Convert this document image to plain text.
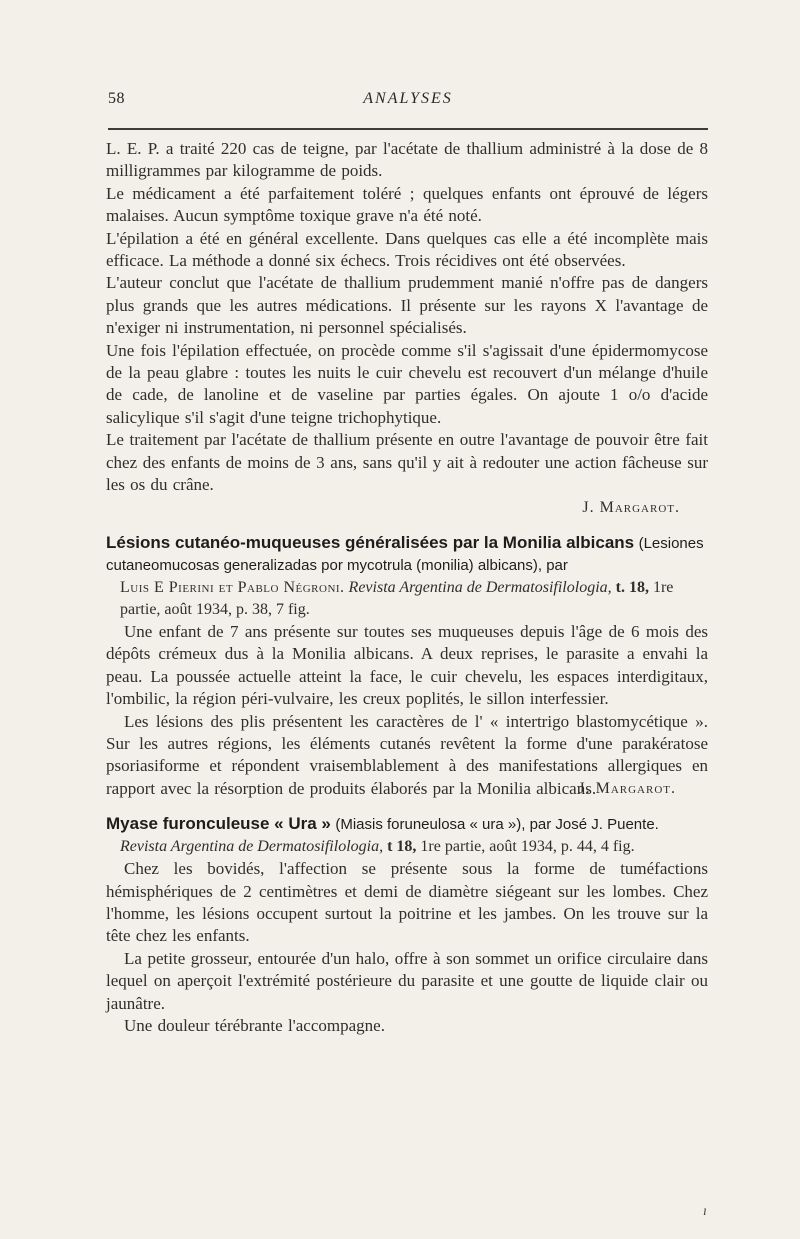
58	ANALYSES

L. E. P. a traité 220 cas de teigne, par l'acétate de thallium administré à la dose de 8 milligrammes par kilogramme de poids.

Le médicament a été parfaitement toléré ; quelques enfants ont éprouvé de légers malaises. Aucun symptôme toxique grave n'a été noté.

L'épilation a été en général excellente. Dans quelques cas elle a été incomplète mais efficace. La méthode a donné six échecs. Trois récidives ont été observées.

L'auteur conclut que l'acétate de thallium prudemment manié n'offre pas de dangers plus grands que les autres médications. Il présente sur les rayons X l'avantage de n'exiger ni instrumentation, ni personnel spécialisés.

Une fois l'épilation effectuée, on procède comme s'il s'agissait d'une épidermomycose de la peau glabre : toutes les nuits le cuir chevelu est recouvert d'un mélange d'huile de cade, de lanoline et de vaseline par parties égales. On ajoute 1 o/o d'acide salicylique s'il s'agit d'une teigne trichophytique.

Le traitement par l'acétate de thallium présente en outre l'avantage de pouvoir être fait chez des enfants de moins de 3 ans, sans qu'il y ait à redouter une action fâcheuse sur les os du crâne.

J. Margarot.

Lésions cutanéo-muqueuses généralisées par la Monilia albicans (Lesiones cutaneomucosas generalizadas por mycotrula (monilia) albicans), par

Luis E Pierini et Pablo Négroni. Revista Argentina de Dermatosifilologia, t. 18, 1re partie, août 1934, p. 38, 7 fig.

Une enfant de 7 ans présente sur toutes ses muqueuses depuis l'âge de 6 mois des dépôts crémeux dus à la Monilia albicans. A deux reprises, le parasite a envahi la peau. La poussée actuelle atteint la face, le cuir chevelu, les espaces interdigitaux, l'ombilic, la région péri-vulvaire, les creux poplités, le sillon interfessier.

Les lésions des plis présentent les caractères de l' « intertrigo blastomycétique ». Sur les autres régions, les éléments cutanés revêtent la forme d'une parakératose psoriasiforme et répondent vraisemblablement à des manifestations allergiques en rapport avec la résorption de produits élaborés par la Monilia albicans.

J. Margarot.

Myase furonculeuse « Ura » (Miasis foruneulosa « ura »), par José J. Puente.

Revista Argentina de Dermatosifilologia, t 18, 1re partie, août 1934, p. 44, 4 fig.

Chez les bovidés, l'affection se présente sous la forme de tuméfactions hémisphériques de 2 centimètres et demi de diamètre siégeant sur les lombes. Chez l'homme, les lésions occupent surtout la poitrine et les jambes. On les trouve sur la tête chez les enfants.

La petite grosseur, entourée d'un halo, offre à son sommet un orifice circulaire dans lequel on aperçoit l'extrémité postérieure du parasite et une goutte de liquide clair ou jaunâtre.

Une douleur térébrante l'accompagne.

ı
